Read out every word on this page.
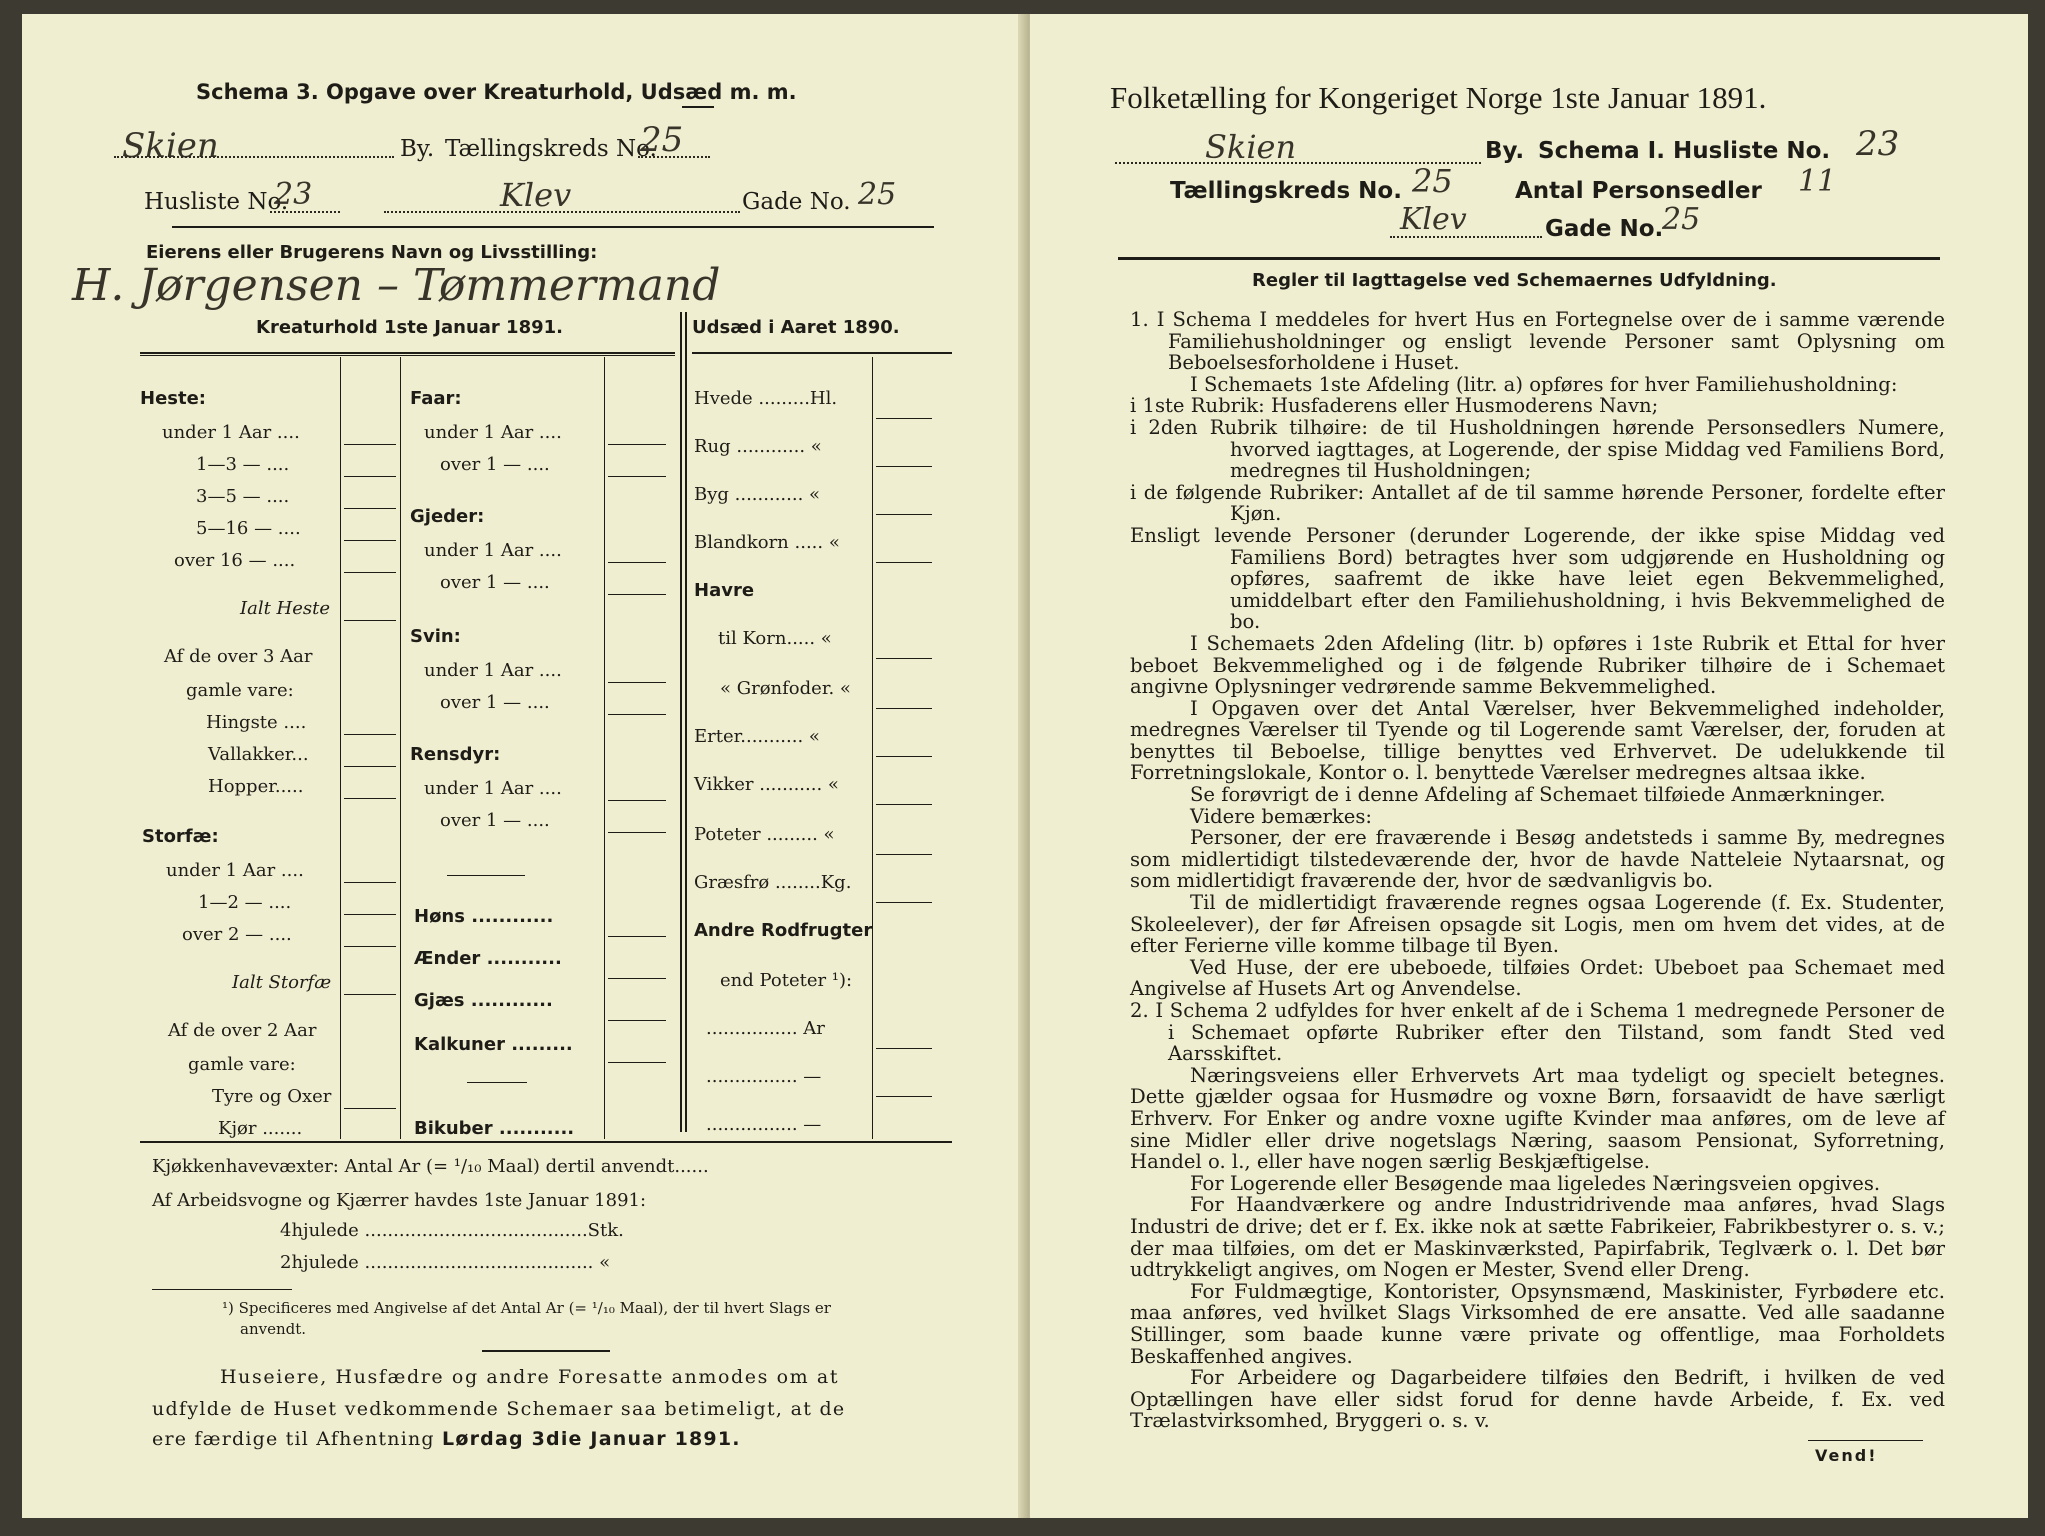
Schema 3. Opgave over Kreaturhold, Udsæd m. m.
Skien	By. Tællingskreds No.
25
Husliste No.
23	Klev	Gade No. 25
Eierens eller Brugerens Navn og Livsstilling:
H. Jørgensen – Tømmermand
Kreaturhold 1ste Januar 1891.	Udsæd i Aaret 1890.
Heste:
under 1 Aar ....
1—3 — ....
3—5 — ....
5—16 — ....
over 16 — ....
Ialt Heste
Af de over 3 Aar
gamle vare:
Hingste ....
Vallakker...
Hopper.....
Storfæ:
under 1 Aar ....
1—2 — ....
over 2 — ....
Ialt Storfæ
Af de over 2 Aar
gamle vare:
Tyre og Oxer
Kjør .......
Faar:
under 1 Aar ....
over 1 — ....
Gjeder:
under 1 Aar ....
over 1 — ....
Svin:
under 1 Aar ....
over 1 — ....
Rensdyr:
under 1 Aar ....
over 1 — ....
Høns ............
Ænder ...........
Gjæs ............
Kalkuner .........
Bikuber ...........
Hvede .........Hl.
Rug ............ «
Byg ............ «
Blandkorn ..... «
Havre
til Korn..... «
« Grønfoder. «
Erter........... «
Vikker ........... «
Poteter ......... «
Græsfrø ........Kg.
Andre Rodfrugter
end Poteter ¹):
................ Ar
................ —
................ —
Kjøkkenhavevæxter: Antal Ar (= ¹/₁₀ Maal) dertil anvendt......
Af Arbeidsvogne og Kjærrer havdes 1ste Januar 1891:
4hjulede .......................................Stk.
2hjulede ........................................ «
¹) Specificeres med Angivelse af det Antal Ar (= ¹/₁₀ Maal), der til hvert Slags er
anvendt.
Huseiere, Husfædre og andre Foresatte anmodes om at
udfylde de Huset vedkommende Schemaer saa betimeligt, at de
ere færdige til Afhentning Lørdag 3die Januar 1891.
Folketælling for Kongeriget Norge 1ste Januar 1891.
Skien	By. Schema I. Husliste No. 23
Tællingskreds No. 25	Antal Personsedler 11
Klev	Gade No.
25
Regler til Iagttagelse ved Schemaernes Udfyldning.

1. I Schema I meddeles for hvert Hus en Fortegnelse over de i samme værende Familiehusholdninger og ensligt levende Personer samt Oplysning om Beboelsesforholdene i Huset.

I Schemaets 1ste Afdeling (litr. a) opføres for hver Familiehusholdning:

i 1ste Rubrik: Husfaderens eller Husmoderens Navn;

i 2den Rubrik tilhøire: de til Husholdningen hørende Personsedlers Numere, hvorved iagttages, at Logerende, der spise Middag ved Familiens Bord, medregnes til Husholdningen;

i de følgende Rubriker: Antallet af de til samme hørende Personer, fordelte efter Kjøn.

Ensligt levende Personer (derunder Logerende, der ikke spise Middag ved Familiens Bord) betragtes hver som udgjørende en Husholdning og opføres, saafremt de ikke have leiet egen Bekvemmelighed, umiddelbart efter den Familiehusholdning, i hvis Bekvemmelighed de bo.

I Schemaets 2den Afdeling (litr. b) opføres i 1ste Rubrik et Ettal for hver beboet Bekvemmelighed og i de følgende Rubriker tilhøire de i Schemaet angivne Oplysninger vedrørende samme Bekvemmelighed.

I Opgaven over det Antal Værelser, hver Bekvemmelighed indeholder, medregnes Værelser til Tyende og til Logerende samt Værelser, der, foruden at benyttes til Beboelse, tillige benyttes ved Erhvervet. De udelukkende til Forretningslokale, Kontor o. l. benyttede Værelser medregnes altsaa ikke.

Se forøvrigt de i denne Afdeling af Schemaet tilføiede Anmærkninger.

Videre bemærkes:

Personer, der ere fraværende i Besøg andetsteds i samme By, medregnes som midlertidigt tilstedeværende der, hvor de havde Natteleie Nytaarsnat, og som midlertidigt fraværende der, hvor de sædvanligvis bo.

Til de midlertidigt fraværende regnes ogsaa Logerende (f. Ex. Studenter, Skoleelever), der før Afreisen opsagde sit Logis, men om hvem det vides, at de efter Ferierne ville komme tilbage til Byen.

Ved Huse, der ere ubeboede, tilføies Ordet: Ubeboet paa Schemaet med Angivelse af Husets Art og Anvendelse.

2. I Schema 2 udfyldes for hver enkelt af de i Schema 1 medregnede Personer de i Schemaet opførte Rubriker efter den Tilstand, som fandt Sted ved Aarsskiftet.

Næringsveiens eller Erhvervets Art maa tydeligt og specielt betegnes. Dette gjælder ogsaa for Husmødre og voxne Børn, forsaavidt de have særligt Erhverv. For Enker og andre voxne ugifte Kvinder maa anføres, om de leve af sine Midler eller drive nogetslags Næring, saasom Pensionat, Syforretning, Handel o. l., eller have nogen særlig Beskjæftigelse.

For Logerende eller Besøgende maa ligeledes Næringsveien opgives.

For Haandværkere og andre Industridrivende maa anføres, hvad Slags Industri de drive; det er f. Ex. ikke nok at sætte Fabrikeier, Fabrikbestyrer o. s. v.; der maa tilføies, om det er Maskinværksted, Papirfabrik, Teglværk o. l. Det bør udtrykkeligt angives, om Nogen er Mester, Svend eller Dreng.

For Fuldmægtige, Kontorister, Opsynsmænd, Maskinister, Fyrbødere etc. maa anføres, ved hvilket Slags Virksomhed de ere ansatte. Ved alle saadanne Stillinger, som baade kunne være private og offentlige, maa Forholdets Beskaffenhed angives.

For Arbeidere og Dagarbeidere tilføies den Bedrift, i hvilken de ved Optællingen have eller sidst forud for denne havde Arbeide, f. Ex. ved Trælastvirksomhed, Bryggeri o. s. v.

Vend!
